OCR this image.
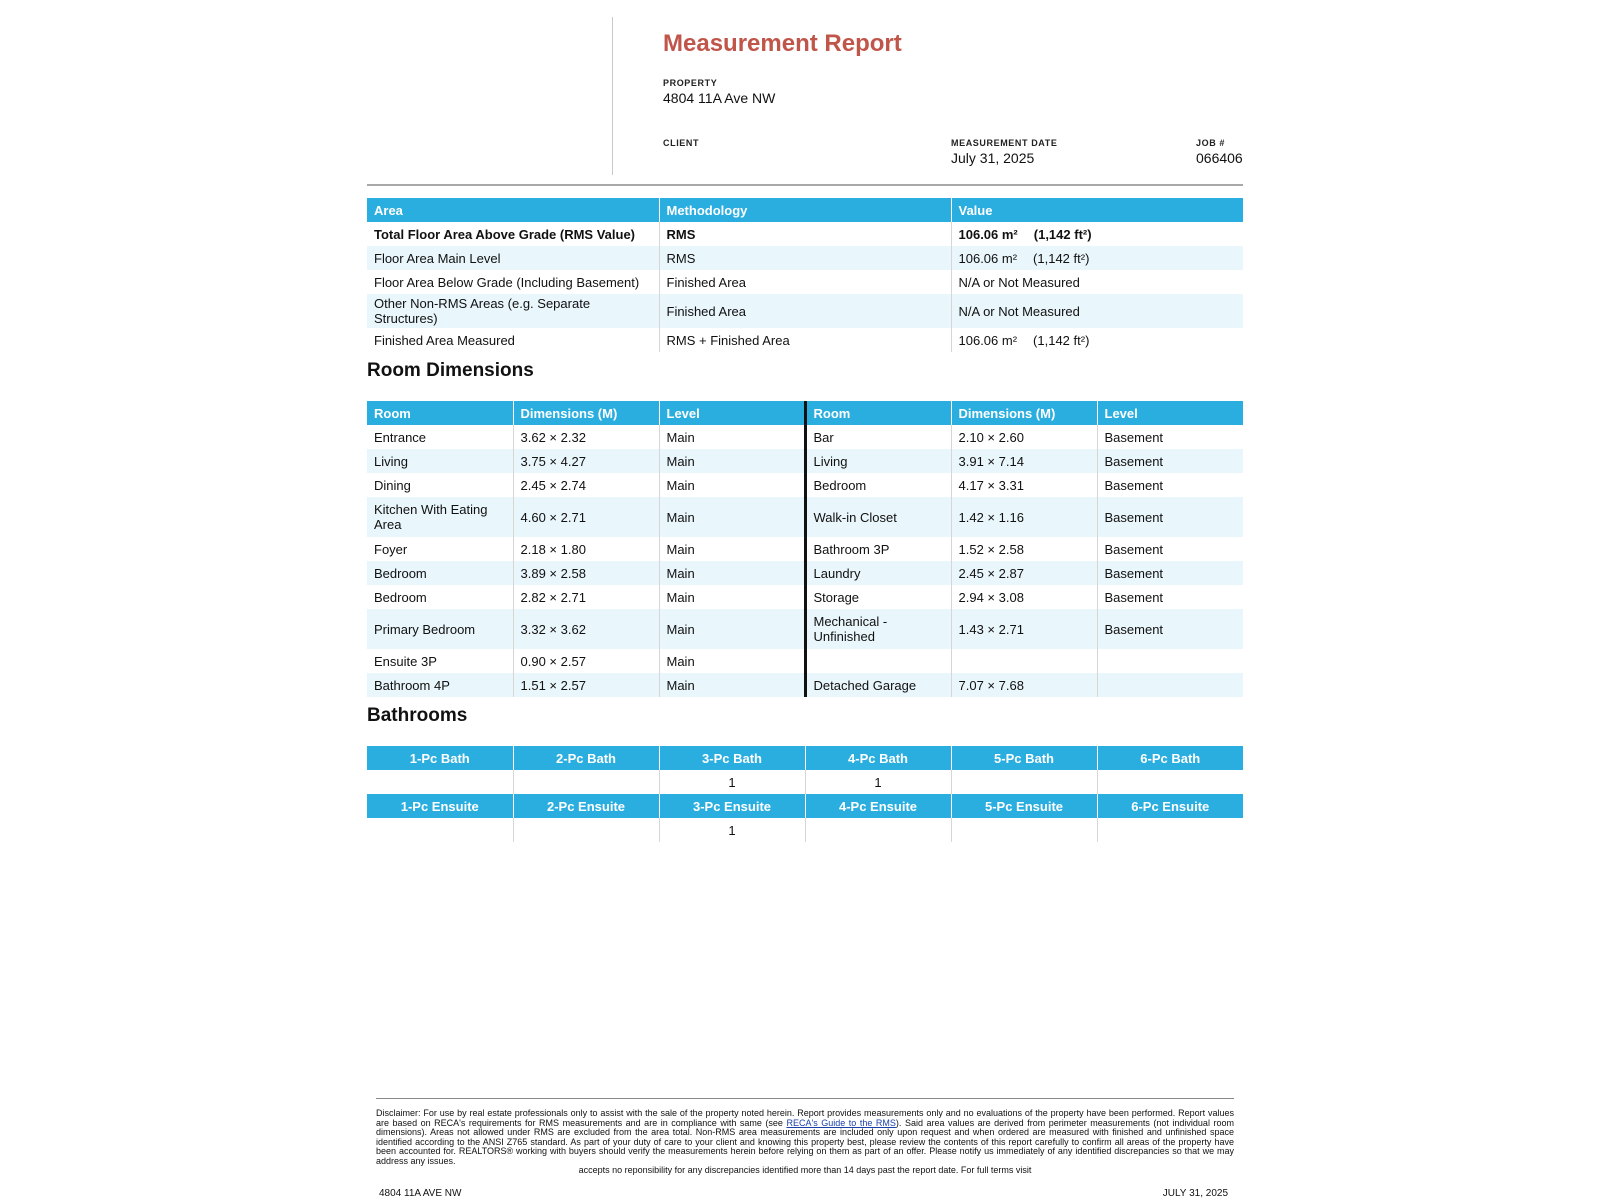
Measurement Report
PROPERTY
4804 11A Ave NW
CLIENT	MEASUREMENT DATE
July 31, 2025
JOB #
066406
Area	Methodology	Value
Total Floor Area Above Grade (RMS Value)	RMS	106.06 m² (1,142 ft²)
Floor Area Main Level	RMS	106.06 m² (1,142 ft²)
Floor Area Below Grade (Including Basement)	Finished Area	N/A or Not Measured
Other Non-RMS Areas (e.g. Separate Structures)	Finished Area	N/A or Not Measured
Finished Area Measured	RMS + Finished Area	106.06 m² (1,142 ft²)
Room Dimensions
Room	Dimensions (M)	Level	Room	Dimensions (M)	Level
Entrance	3.62 × 2.32	Main	Bar	2.10 × 2.60	Basement
Living	3.75 × 4.27	Main	Living	3.91 × 7.14	Basement
Dining	2.45 × 2.74	Main	Bedroom	4.17 × 3.31	Basement
Kitchen With Eating Area	4.60 × 2.71	Main	Walk-in Closet	1.42 × 1.16	Basement
Foyer	2.18 × 1.80	Main	Bathroom 3P	1.52 × 2.58	Basement
Bedroom	3.89 × 2.58	Main	Laundry	2.45 × 2.87	Basement
Bedroom	2.82 × 2.71	Main	Storage	2.94 × 3.08	Basement
Primary Bedroom	3.32 × 3.62	Main	Mechanical - Unfinished	1.43 × 2.71	Basement
Ensuite 3P	0.90 × 2.57	Main			
Bathroom 4P	1.51 × 2.57	Main	Detached Garage	7.07 × 7.68	
Bathrooms
1-Pc Bath	2-Pc Bath	3-Pc Bath	4-Pc Bath	5-Pc Bath	6-Pc Bath
		1	1		
1-Pc Ensuite	2-Pc Ensuite	3-Pc Ensuite	4-Pc Ensuite	5-Pc Ensuite	6-Pc Ensuite
		1			

Disclaimer: For use by real estate professionals only to assist with the sale of the property noted herein. Report provides measurements only and no evaluations of the property have been performed. Report values are based on RECA's requirements for RMS measurements and are in compliance with same (see RECA's Guide to the RMS). Said area values are derived from perimeter measurements (not individual room dimensions). Areas not allowed under RMS are excluded from the area total. Non-RMS area measurements are included only upon request and when ordered are measured with finished and unfinished space identified according to the ANSI Z765 standard. As part of your duty of care to your client and knowing this property best, please review the contents of this report carefully to confirm all areas of the property have been accounted for. REALTORS® working with buyers should verify the measurements herein before relying on them as part of an offer. Please notify us immediately of any identified discrepancies so that we may address any issues.

accepts no reponsibility for any discrepancies identified more than 14 days past the report date. For full terms visit

4804 11A AVE NW	JULY 31, 2025
